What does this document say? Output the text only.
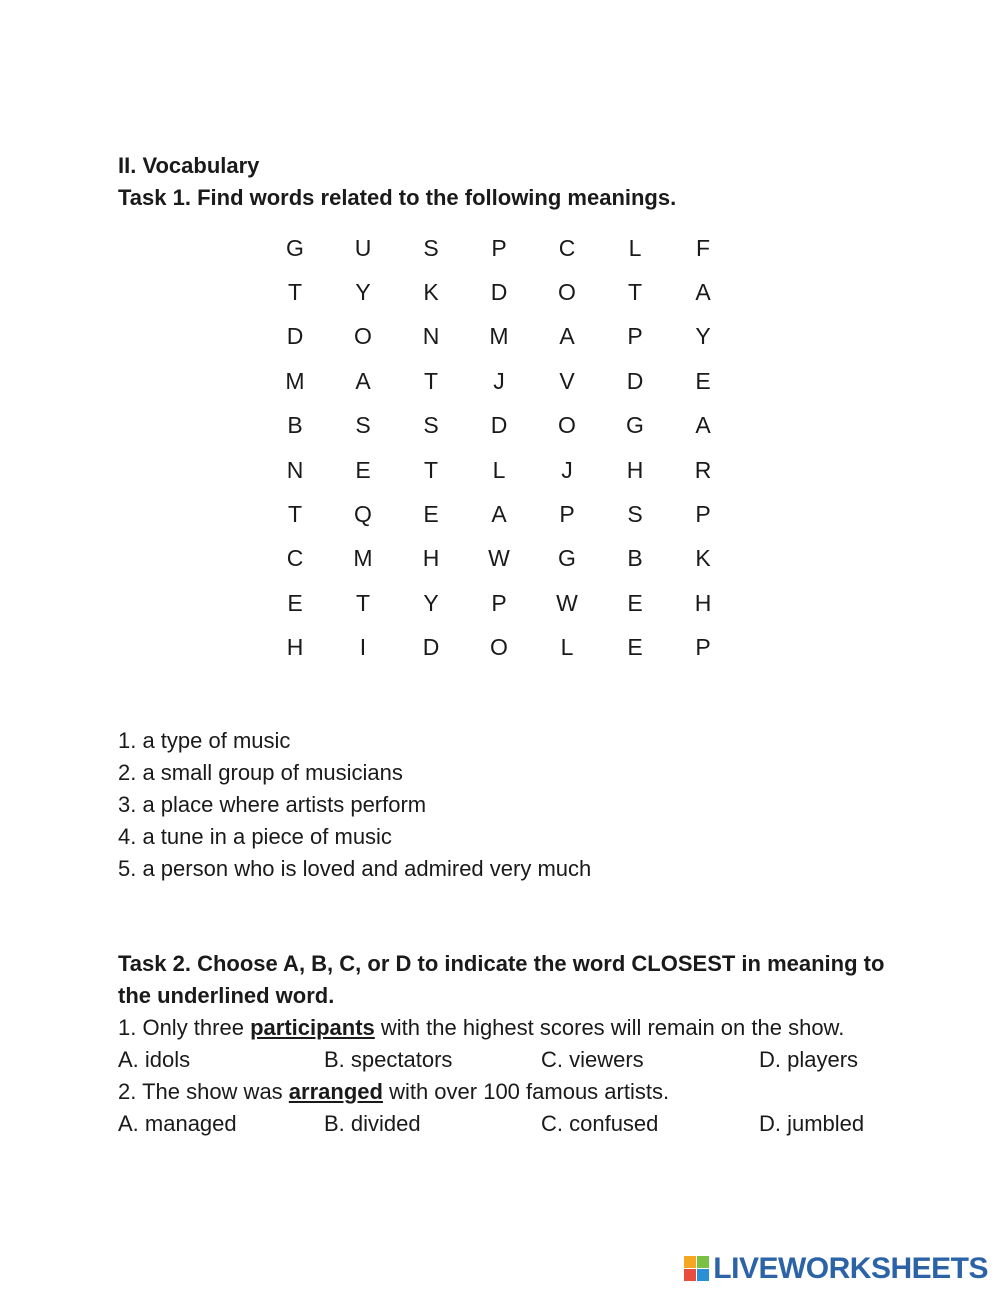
II. Vocabulary
Task 1. Find words related to the following meanings.
G	U	S	P	C	L	F
T	Y	K	D	O	T	A
D	O	N	M	A	P	Y
M	A	T	J	V	D	E
B	S	S	D	O	G	A
N	E	T	L	J	H	R
T	Q	E	A	P	S	P
C	M	H	W	G	B	K
E	T	Y	P	W	E	H
H	I	D	O	L	E	P
1. a type of music
2. a small group of musicians
3. a place where artists perform
4. a tune in a piece of music
5. a person who is loved and admired very much
Task 2. Choose A, B, C, or D to indicate the word CLOSEST in meaning to the underlined word.
1. Only three participants with the highest scores will remain on the show.
A. idols	B. spectators	C. viewers	D. players
2. The show was arranged with over 100 famous artists.
A. managed	B. divided	C. confused	D. jumbled
LIVEWORKSHEETS
